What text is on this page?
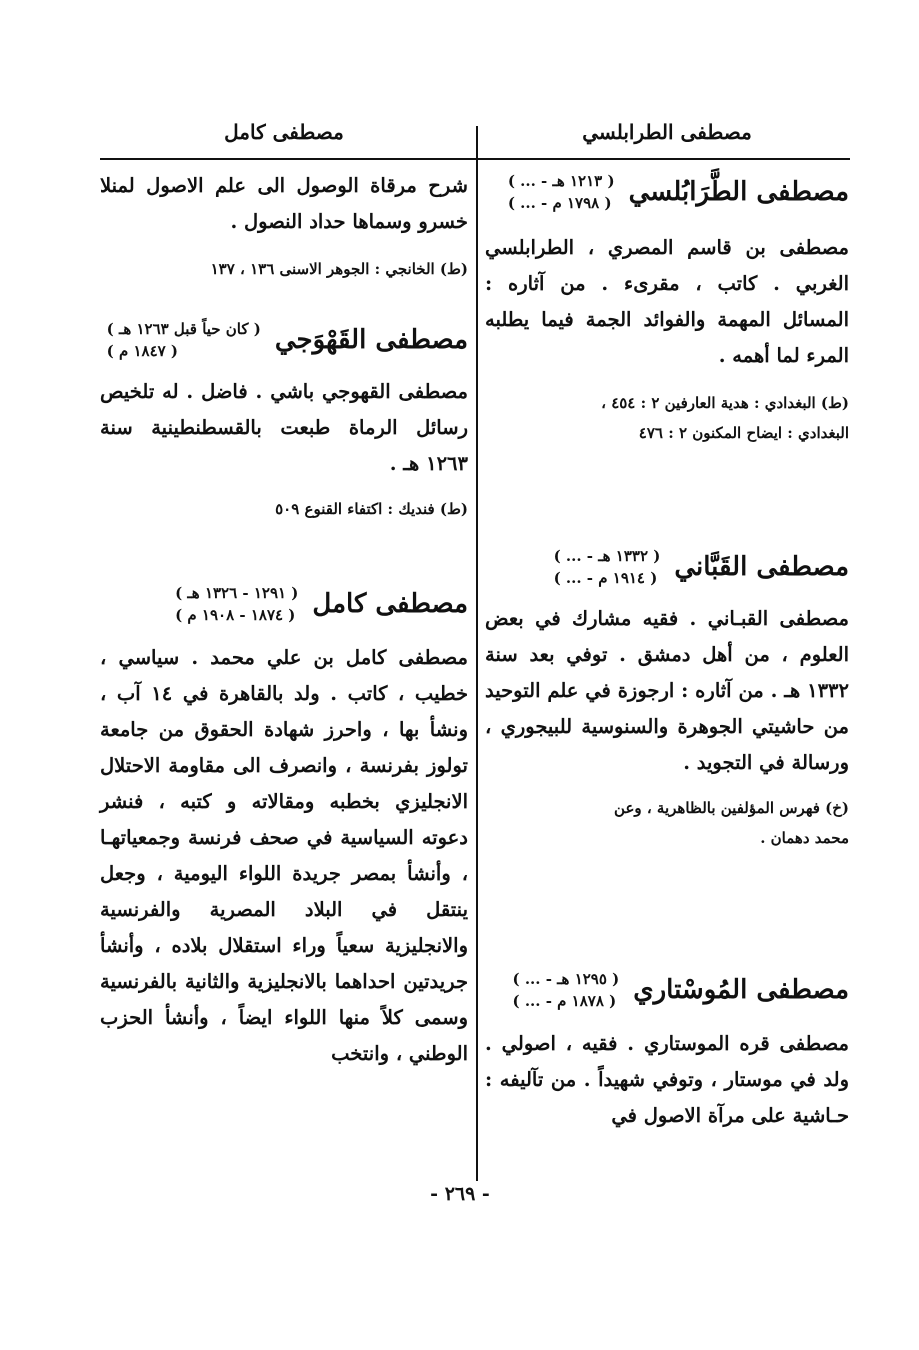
مصطفى الطرابلسي
مصطفى كامل
مصطفى الطَّرَابُلسي
( ... - ١٢١٣ هـ )
( ... - ١٧٩٨ م )
مصطفى بن قاسم المصري ، الطرابلسي الغربي . كاتب ، مقرىء . من آثاره : المسائل المهمة والفوائد الجمة فيما يطلبه المرء لما أهمه .
(ط) البغدادي : هدية العارفين ٢ : ٤٥٤ ،
البغدادي : ايضاح المكنون ٢ : ٤٧٦
مصطفى القَبَّاني
( ... - ١٣٣٢ هـ )
( ... - ١٩١٤ م )
مصطفى القبـاني . فقيه مشارك في بعض العلوم ، من أهل دمشق . توفي بعد سنة ١٣٣٢ هـ . من آثاره : ارجوزة في علم التوحيد من حاشيتي الجوهرة والسنوسية للبيجوري ، ورسالة في التجويد .
(خ) فهرس المؤلفين بالظاهرية ، وعن
محمد دهمان .
مصطفى المُوسْتاري
( ... - ١٢٩٥ هـ )
( ... - ١٨٧٨ م )
مصطفى قره الموستاري . فقيه ، اصولي . ولد في موستار ، وتوفي شهيداً . من تآليفه : حـاشية على مرآة الاصول في
شرح مرقاة الوصول الى علم الاصول لمنلا خسرو وسماها حداد النصول .
(ط) الخانجي : الجوهر الاسنى ١٣٦ ، ١٣٧
مصطفى القَهْوَجي
( كان حياً قبل ١٢٦٣ هـ )
( ١٨٤٧ م )
مصطفى القهوجي باشي . فاضل . له تلخيص رسائل الرماة طبعت بالقسطنطينية سنة ١٢٦٣ هـ .
(ط) فنديك : اكتفاء القنوع ٥٠٩
مصطفى كامل
( ١٢٩١ - ١٣٢٦ هـ )
( ١٨٧٤ - ١٩٠٨ م )
مصطفى كامل بن علي محمد . سياسي ، خطيب ، كاتب . ولد بالقاهرة في ١٤ آب ، ونشأ بها ، واحرز شهادة الحقوق من جامعة تولوز بفرنسة ، وانصرف الى مقاومة الاحتلال الانجليزي بخطبه ومقالاته و كتبه ، فنشر دعوته السياسية في صحف فرنسة وجمعياتهـا ، وأنشأ بمصر جريدة اللواء اليومية ، وجعل ينتقل في البلاد المصرية والفرنسية والانجليزية سعياً وراء استقلال بلاده ، وأنشأ جريدتين احداهما بالانجليزية والثانية بالفرنسية وسمى كلاً منها اللواء ايضاً ، وأنشأ الحزب الوطني ، وانتخب
- ٢٦٩ -
